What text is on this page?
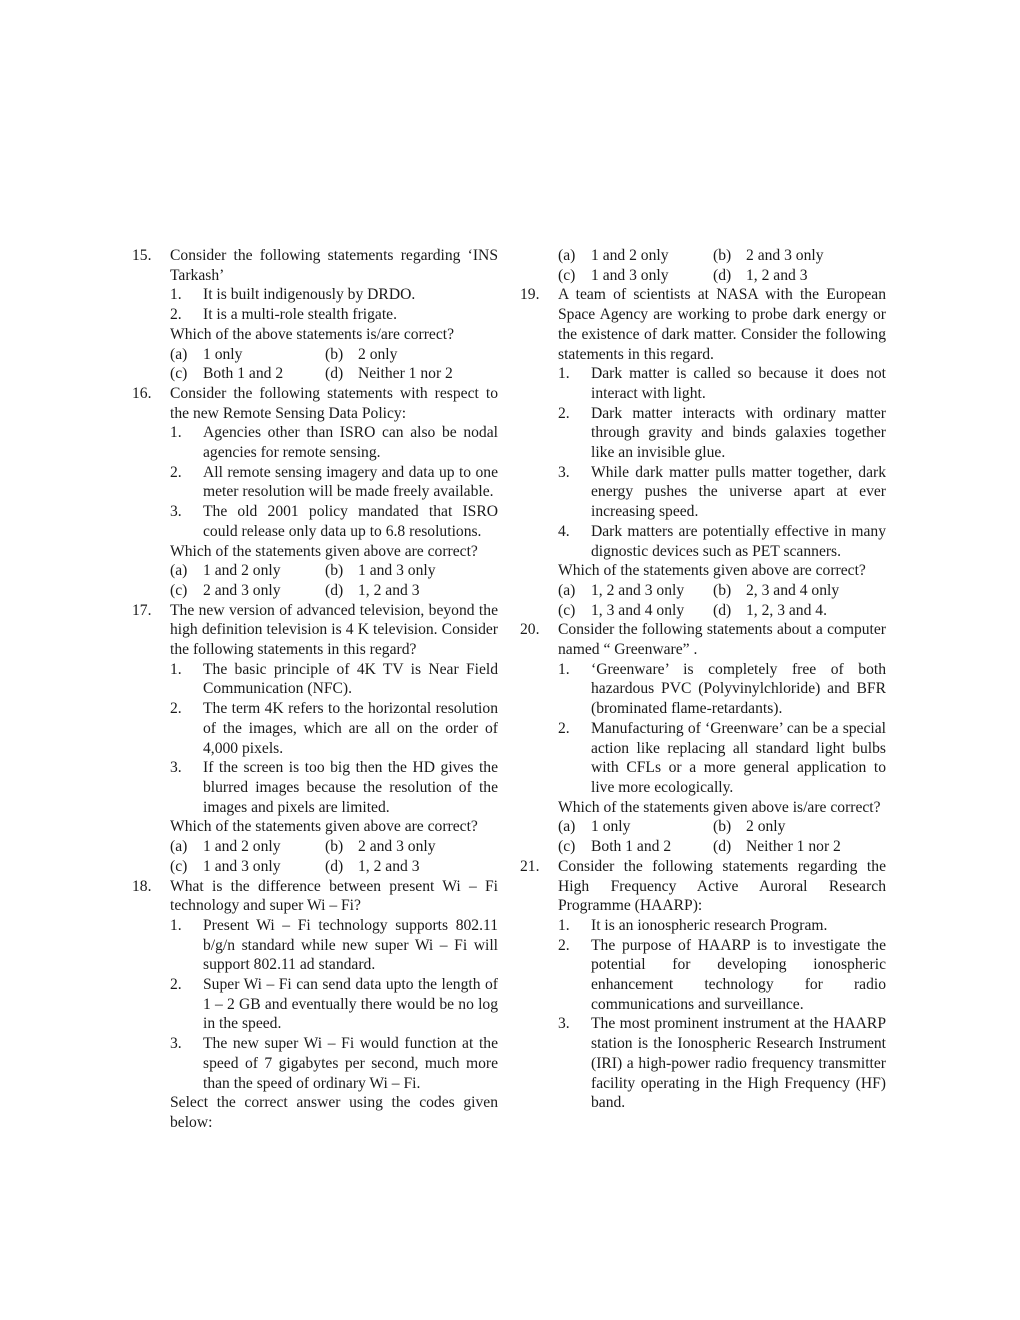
15. Consider the following statements regarding ‘INS Tarkash’
1. It is built indigenously by DRDO.
2. It is a multi-role stealth frigate.
Which of the above statements is/are correct?
(a) 1 only	(b) 2 only
(c) Both 1 and 2	(d) Neither 1 nor 2
16. Consider the following statements with respect to the new Remote Sensing Data Policy:
1. Agencies other than ISRO can also be nodal agencies for remote sensing.
2. All remote sensing imagery and data up to one meter resolution will be made freely available.
3. The old 2001 policy mandated that ISRO could release only data up to 6.8 resolutions.
Which of the statements given above are correct?
(a) 1 and 2 only	(b) 1 and 3 only
(c) 2 and 3 only	(d) 1, 2 and 3
17. The new version of advanced television, beyond the high definition television is 4 K television. Consider the following statements in this regard?
1. The basic principle of 4K TV is Near Field Communication (NFC).
2. The term 4K refers to the horizontal resolution of the images, which are all on the order of 4,000 pixels.
3. If the screen is too big then the HD gives the blurred images because the resolution of the images and pixels are limited.
Which of the statements given above are correct?
(a) 1 and 2 only	(b) 2 and 3 only
(c) 1 and 3 only	(d) 1, 2 and 3
18. What is the difference between present Wi – Fi technology and super Wi – Fi?
1. Present Wi – Fi technology supports 802.11 b/g/n standard while new super Wi – Fi will support 802.11 ad standard.
2. Super Wi – Fi can send data upto the length of 1 – 2 GB and eventually there would be no log in the speed.
3. The new super Wi – Fi would function at the speed of 7 gigabytes per second, much more than the speed of ordinary Wi – Fi.
Select the correct answer using the codes given below:
(a) 1 and 2 only	(b) 2 and 3 only
(c) 1 and 3 only	(d) 1, 2 and 3
19. A team of scientists at NASA with the European Space Agency are working to probe dark energy or the existence of dark matter. Consider the following statements in this regard.
1. Dark matter is called so because it does not interact with light.
2. Dark matter interacts with ordinary matter through gravity and binds galaxies together like an invisible glue.
3. While dark matter pulls matter together, dark energy pushes the universe apart at ever increasing speed.
4. Dark matters are potentially effective in many dignostic devices such as PET scanners.
Which of the statements given above are correct?
(a) 1, 2 and 3 only	(b) 2, 3 and 4 only
(c) 1, 3 and 4 only	(d) 1, 2, 3 and 4.
20. Consider the following statements about a computer named “ Greenware” .
1. ‘Greenware’ is completely free of both hazardous PVC (Polyvinylchloride) and BFR (brominated flame-retardants).
2. Manufacturing of ‘Greenware’ can be a special action like replacing all standard light bulbs with CFLs or a more general application to live more ecologically.
Which of the statements given above is/are correct?
(a) 1 only	(b) 2 only
(c) Both 1 and 2	(d) Neither 1 nor 2
21. Consider the following statements regarding the High Frequency Active Auroral Research Programme (HAARP):
1. It is an ionospheric research Program.
2. The purpose of HAARP is to investigate the potential for developing ionospheric enhancement technology for radio communications and surveillance.
3. The most prominent instrument at the HAARP station is the Ionospheric Research Instrument (IRI) a high-power radio frequency transmitter facility operating in the High Frequency (HF) band.
